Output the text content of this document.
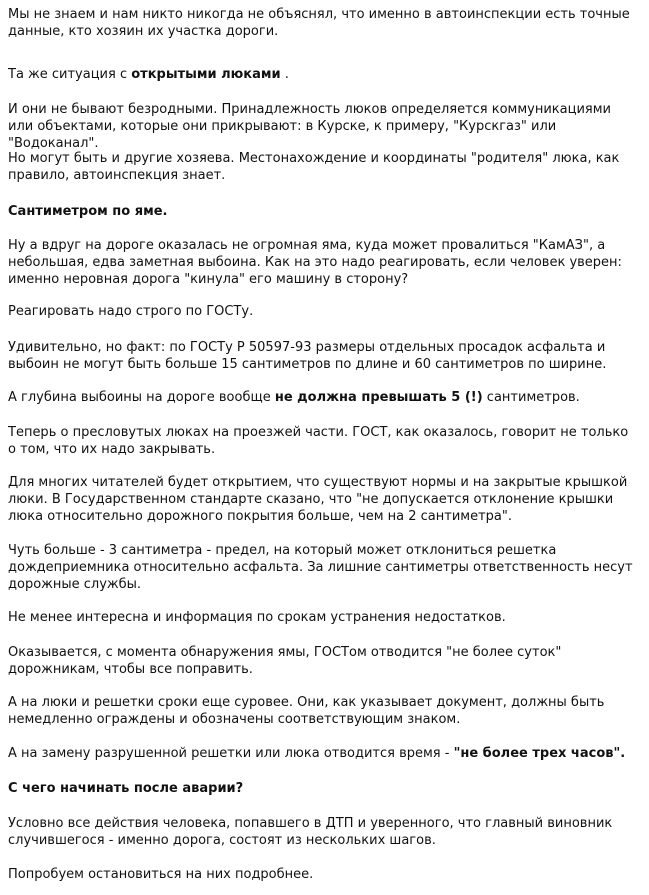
Мы не знаем и нам никто никогда не объяснял, что именно в автоинспекции есть точные данные, кто хозяин их участка дороги.

Та же ситуация с открытыми люками .

И они не бывают безродными. Принадлежность люков определяется коммуникациями или объектами, которые они прикрывают: в Курске, к примеру, "Курскгаз" или "Водоканал".

Но могут быть и другие хозяева. Местонахождение и координаты "родителя" люка, как правило, автоинспекция знает.

Сантиметром по яме.

Ну а вдруг на дороге оказалась не огромная яма, куда может провалиться "КамАЗ", а небольшая, едва заметная выбоина. Как на это надо реагировать, если человек уверен: именно неровная дорога "кинула" его машину в сторону?

Реагировать надо строго по ГОСТу.

Удивительно, но факт: по ГОСТу Р 50597-93 размеры отдельных просадок асфальта и выбоин не могут быть больше 15 сантиметров по длине и 60 сантиметров по ширине.

А глубина выбоины на дороге вообще не должна превышать 5 (!) сантиметров.

Теперь о пресловутых люках на проезжей части. ГОСТ, как оказалось, говорит не только о том, что их надо закрывать.

Для многих читателей будет открытием, что существуют нормы и на закрытые крышкой люки. В Государственном стандарте сказано, что "не допускается отклонение крышки люка относительно дорожного покрытия больше, чем на 2 сантиметра".

Чуть больше - 3 сантиметра - предел, на который может отклониться решетка дождеприемника относительно асфальта. За лишние сантиметры ответственность несут дорожные службы.

Не менее интересна и информация по срокам устранения недостатков.

Оказывается, с момента обнаружения ямы, ГОСТом отводится "не более суток" дорожникам, чтобы все поправить.

А на люки и решетки сроки еще суровее. Они, как указывает документ, должны быть немедленно ограждены и обозначены соответствующим знаком.

А на замену разрушенной решетки или люка отводится время - "не более трех часов".

С чего начинать после аварии?

Условно все действия человека, попавшего в ДТП и уверенного, что главный виновник случившегося - именно дорога, состоят из нескольких шагов.

Попробуем остановиться на них подробнее.
